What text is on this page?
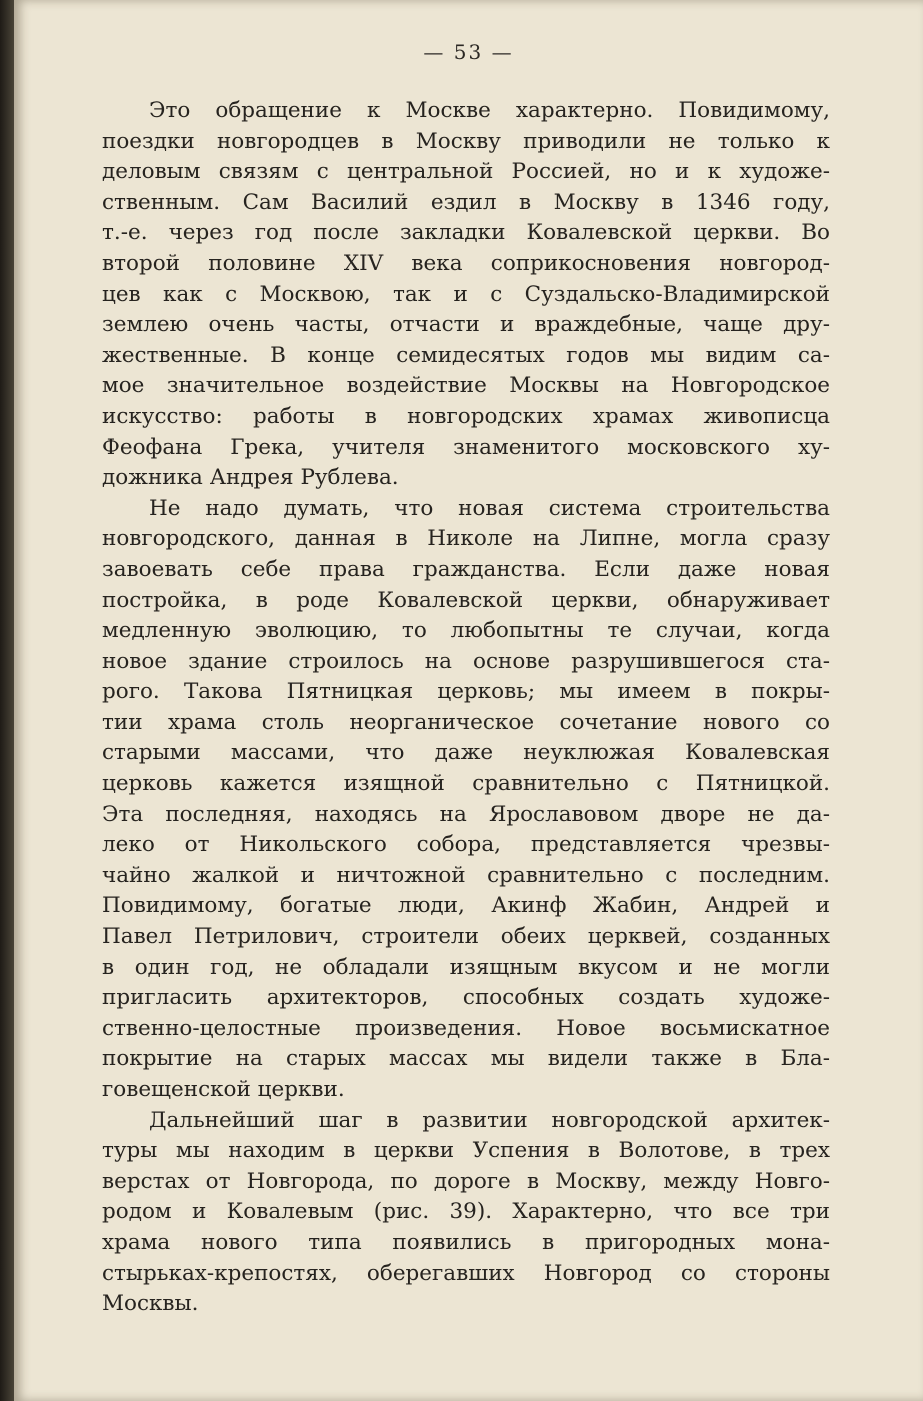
— 53 —
Это обращение к Москве характерно. Повидимому,
поездки новгородцев в Москву приводили не только к
деловым связям с центральной Россией, но и к художе-
ственным. Сам Василий ездил в Москву в 1346 году,
т.-е. через год после закладки Ковалевской церкви. Во
второй половине XIV века соприкосновения новгород-
цев как с Москвою, так и с Суздальско-Владимирской
землею очень часты, отчасти и враждебные, чаще дру-
жественные. В конце семидесятых годов мы видим са-
мое значительное воздействие Москвы на Новгородское
искусство: работы в новгородских храмах живописца
Феофана Грека, учителя знаменитого московского ху-
дожника Андрея Рублева.
Не надо думать, что новая система строительства
новгородского, данная в Николе на Липне, могла сразу
завоевать себе права гражданства. Если даже новая
постройка, в роде Ковалевской церкви, обнаруживает
медленную эволюцию, то любопытны те случаи, когда
новое здание строилось на основе разрушившегося ста-
рого. Такова Пятницкая церковь; мы имеем в покры-
тии храма столь неорганическое сочетание нового со
старыми массами, что даже неуклюжая Ковалевская
церковь кажется изящной сравнительно с Пятницкой.
Эта последняя, находясь на Ярославовом дворе не да-
леко от Никольского собора, представляется чрезвы-
чайно жалкой и ничтожной сравнительно с последним.
Повидимому, богатые люди, Акинф Жабин, Андрей и
Павел Петрилович, строители обеих церквей, созданных
в один год, не обладали изящным вкусом и не могли
пригласить архитекторов, способных создать художе-
ственно-целостные произведения. Новое восьмискатное
покрытие на старых массах мы видели также в Бла-
говещенской церкви.
Дальнейший шаг в развитии новгородской архитек-
туры мы находим в церкви Успения в Волотове, в трех
верстах от Новгорода, по дороге в Москву, между Новго-
родом и Ковалевым (рис. 39). Характерно, что все три
храма нового типа появились в пригородных мона-
стырьках-крепостях, оберегавших Новгород со стороны
Москвы.
